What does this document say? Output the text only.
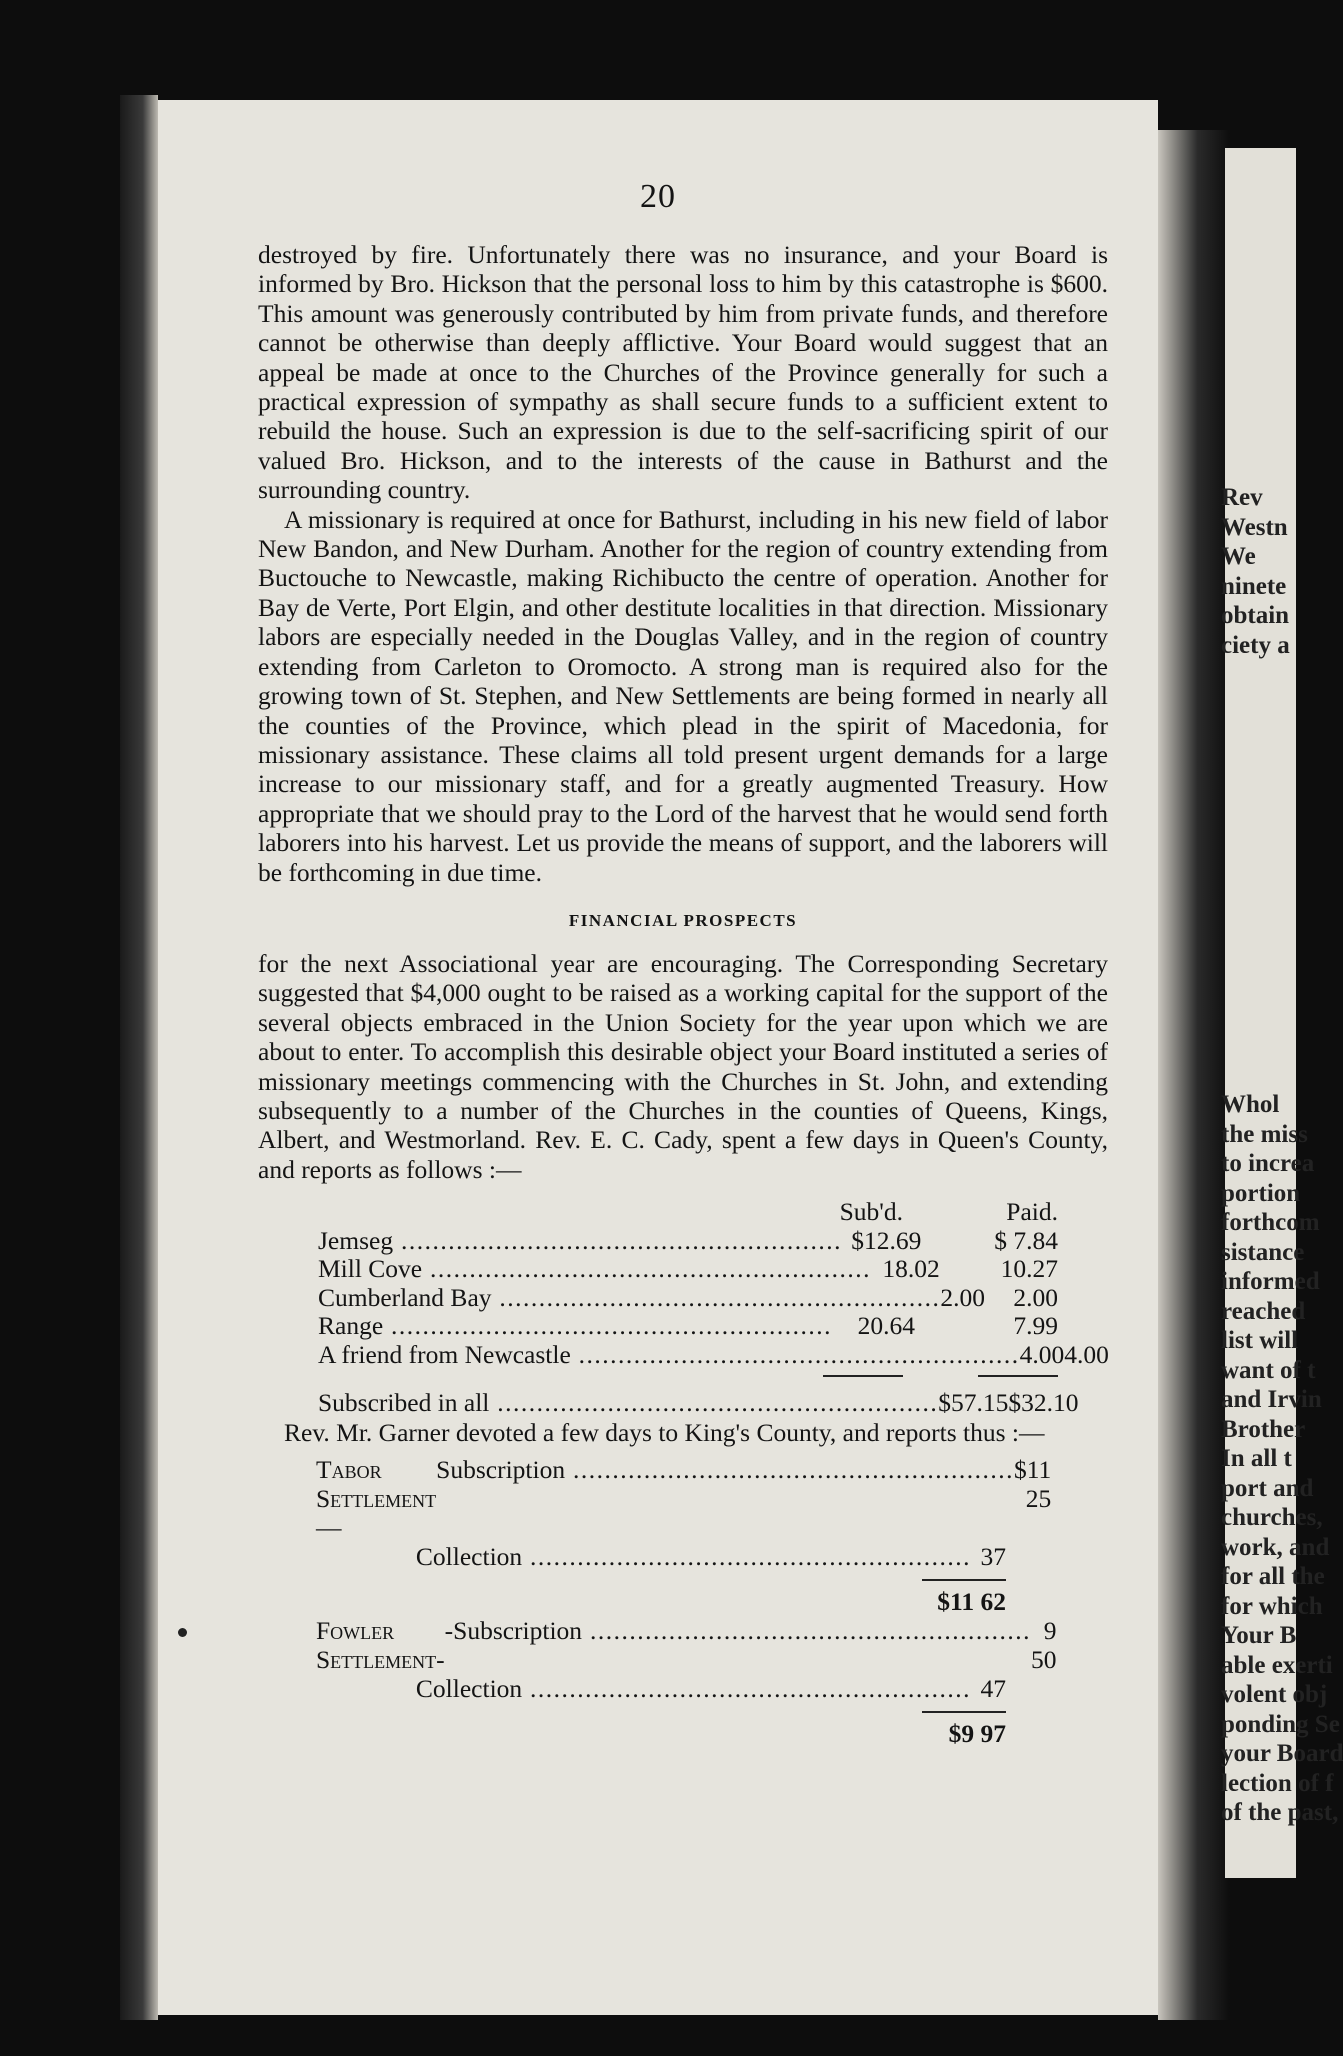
20

destroyed by fire. Unfortunately there was no insurance, and your Board is informed by Bro. Hickson that the personal loss to him by this catastrophe is $600. This amount was generously contributed by him from private funds, and therefore cannot be otherwise than deeply afflictive. Your Board would suggest that an appeal be made at once to the Churches of the Province generally for such a practical expression of sympathy as shall secure funds to a sufficient extent to rebuild the house. Such an expression is due to the self-sacrificing spirit of our valued Bro. Hickson, and to the interests of the cause in Bathurst and the surrounding country.

A missionary is required at once for Bathurst, including in his new field of labor New Bandon, and New Durham. Another for the region of country extending from Buctouche to Newcastle, making Richibucto the centre of operation. Another for Bay de Verte, Port Elgin, and other destitute localities in that direction. Missionary labors are especially needed in the Douglas Valley, and in the region of country extending from Carleton to Oromocto. A strong man is required also for the growing town of St. Stephen, and New Settlements are being formed in nearly all the counties of the Province, which plead in the spirit of Macedonia, for missionary assistance. These claims all told present urgent demands for a large increase to our missionary staff, and for a greatly augmented Treasury. How appropriate that we should pray to the Lord of the harvest that he would send forth laborers into his harvest. Let us provide the means of support, and the laborers will be forthcoming in due time.

FINANCIAL PROSPECTS

for the next Associational year are encouraging. The Corresponding Secretary suggested that $4,000 ought to be raised as a working capital for the support of the several objects embraced in the Union Society for the year upon which we are about to enter. To accomplish this desirable object your Board instituted a series of missionary meetings commencing with the Churches in St. John, and extending subsequently to a number of the Churches in the counties of Queens, Kings, Albert, and Westmorland. Rev. E. C. Cady, spent a few days in Queen's County, and reports as follows :—

Sub'd.	Paid.
Jemseg .....	$12.69	$ 7.84
Mill Cove .....	18.02	10.27
Cumberland Bay .....	2.00	2.00
Range .....	20.64	7.99
A friend from Newcastle .....	4.00 4.00
Subscribed in all .....	$57.15 $32.10

Rev. Mr. Garner devoted a few days to King's County, and reports thus :—

Tabor Settlement—
Subscription .....	$11 25
Collection .....	37
$11 62
Fowler Settlement-
-Subscription .....	9 50
Collection .....	47
$9 97
Rev
Westn
We
ninete
obtain
ciety a
Whol
the miss
to increa
portion
forthcom
sistance
informed
reached
list will
want of t
and Irvin
Brother
In all t
port and
churches,
work, and
for all the
for which
Your B
able exerti
volent obj
ponding Se
your Board
lection of f
of the past,
